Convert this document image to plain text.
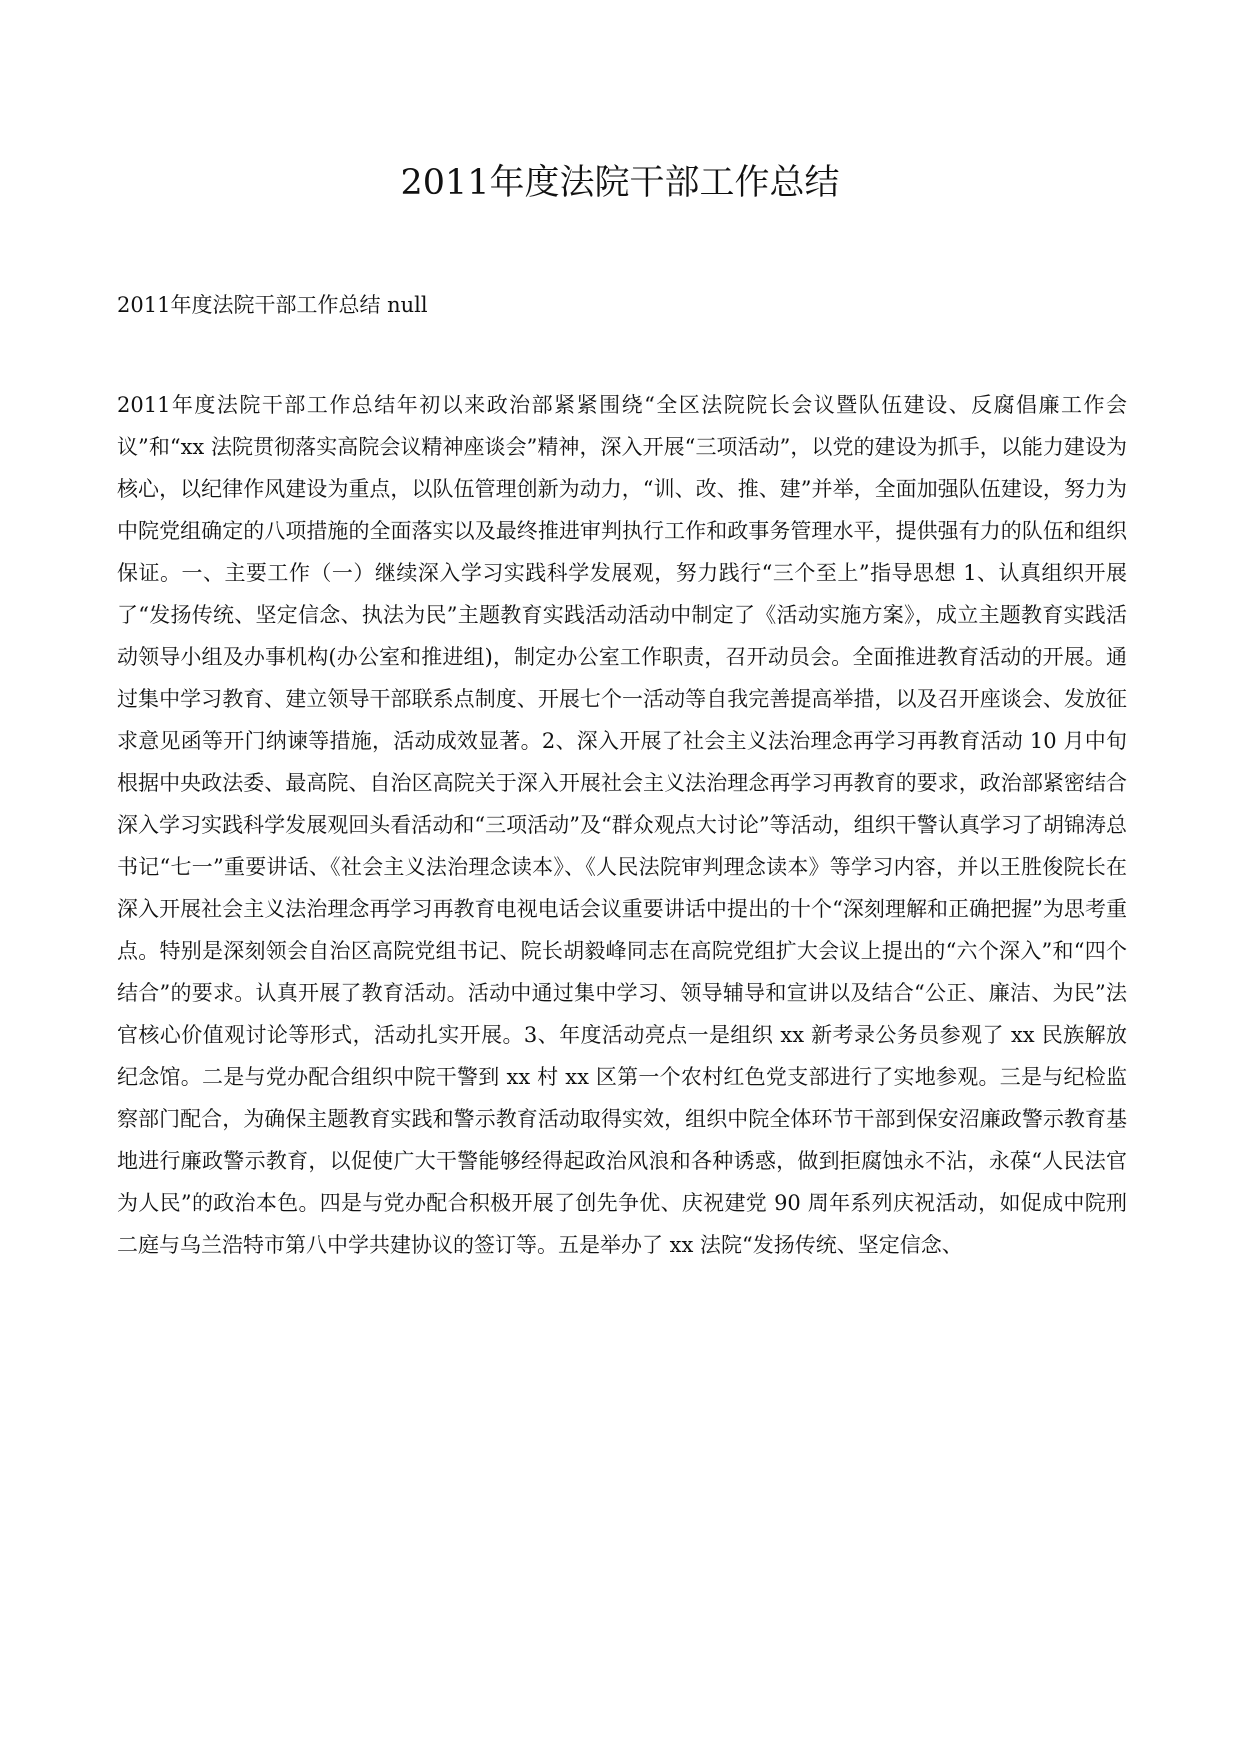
2011年度法院干部工作总结

2011年度法院干部工作总结 null

2011年度法院干部工作总结年初以来政治部紧紧围绕“全区法院院长会议暨队伍建设、反腐倡廉工作会议”和“xx 法院贯彻落实高院会议精神座谈会”精神，深入开展“三项活动”，以党的建设为抓手，以能力建设为核心，以纪律作风建设为重点，以队伍管理创新为动力，“训、改、推、建”并举，全面加强队伍建设，努力为中院党组确定的八项措施的全面落实以及最终推进审判执行工作和政事务管理水平，提供强有力的队伍和组织保证。一、主要工作（一）继续深入学习实践科学发展观，努力践行“三个至上”指导思想 1、认真组织开展了“发扬传统、坚定信念、执法为民”主题教育实践活动活动中制定了《活动实施方案》，成立主题教育实践活动领导小组及办事机构(办公室和推进组)，制定办公室工作职责，召开动员会。全面推进教育活动的开展。通过集中学习教育、建立领导干部联系点制度、开展七个一活动等自我完善提高举措，以及召开座谈会、发放征求意见函等开门纳谏等措施，活动成效显著。2、深入开展了社会主义法治理念再学习再教育活动 10 月中旬根据中央政法委、最高院、自治区高院关于深入开展社会主义法治理念再学习再教育的要求，政治部紧密结合深入学习实践科学发展观回头看活动和“三项活动”及“群众观点大讨论”等活动，组织干警认真学习了胡锦涛总书记“七一”重要讲话、《社会主义法治理念读本》、《人民法院审判理念读本》等学习内容，并以王胜俊院长在深入开展社会主义法治理念再学习再教育电视电话会议重要讲话中提出的十个“深刻理解和正确把握”为思考重点。特别是深刻领会自治区高院党组书记、院长胡毅峰同志在高院党组扩大会议上提出的“六个深入”和“四个结合”的要求。认真开展了教育活动。活动中通过集中学习、领导辅导和宣讲以及结合“公正、廉洁、为民”法官核心价值观讨论等形式，活动扎实开展。3、年度活动亮点一是组织 xx 新考录公务员参观了 xx 民族解放纪念馆。二是与党办配合组织中院干警到 xx 村 xx 区第一个农村红色党支部进行了实地参观。三是与纪检监察部门配合，为确保主题教育实践和警示教育活动取得实效，组织中院全体环节干部到保安沼廉政警示教育基地进行廉政警示教育，以促使广大干警能够经得起政治风浪和各种诱惑，做到拒腐蚀永不沾，永葆“人民法官为人民”的政治本色。四是与党办配合积极开展了创先争优、庆祝建党 90 周年系列庆祝活动，如促成中院刑二庭与乌兰浩特市第八中学共建协议的签订等。五是举办了 xx 法院“发扬传统、坚定信念、
